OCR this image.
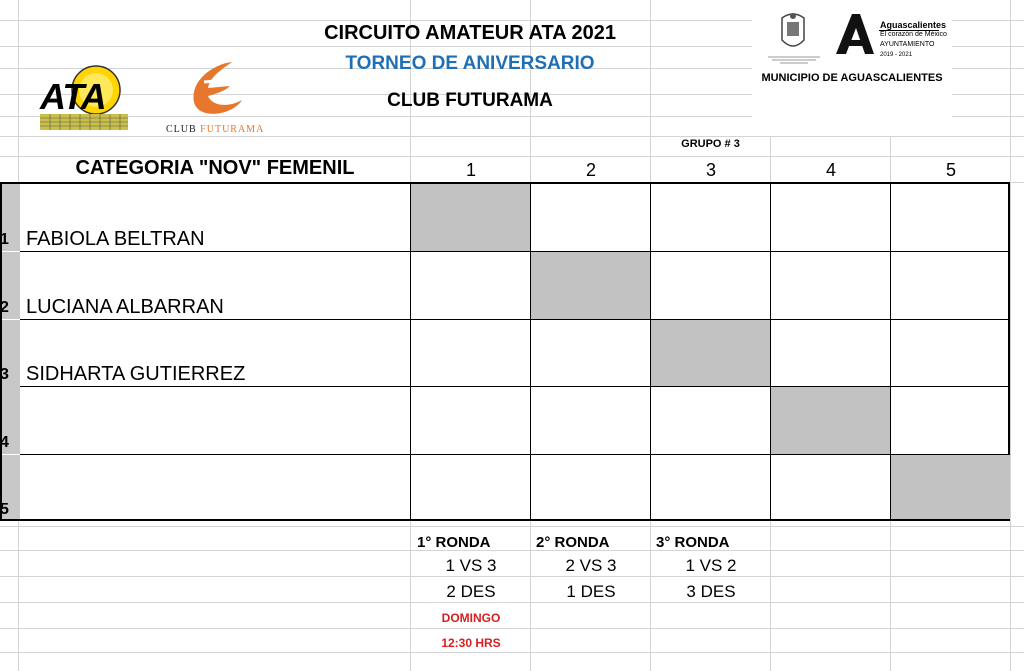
CIRCUITO AMATEUR ATA 2021
TORNEO DE ANIVERSARIO
CLUB FUTURAMA
ATA
CLUB FUTURAMA
Aguascalientes
El corazón de México
AYUNTAMIENTO
2019 - 2021
MUNICIPIO DE AGUASCALIENTES
GRUPO # 3
CATEGORIA "NOV" FEMENIL	1	2	3	4	5
1 FABIOLA BELTRAN
2 LUCIANA ALBARRAN
3 SIDHARTA GUTIERREZ
4
5
1° RONDA	2° RONDA	3° RONDA
1 VS 3	2 VS 3	1 VS 2
2 DES	1 DES	3 DES
DOMINGO
12:30 HRS
